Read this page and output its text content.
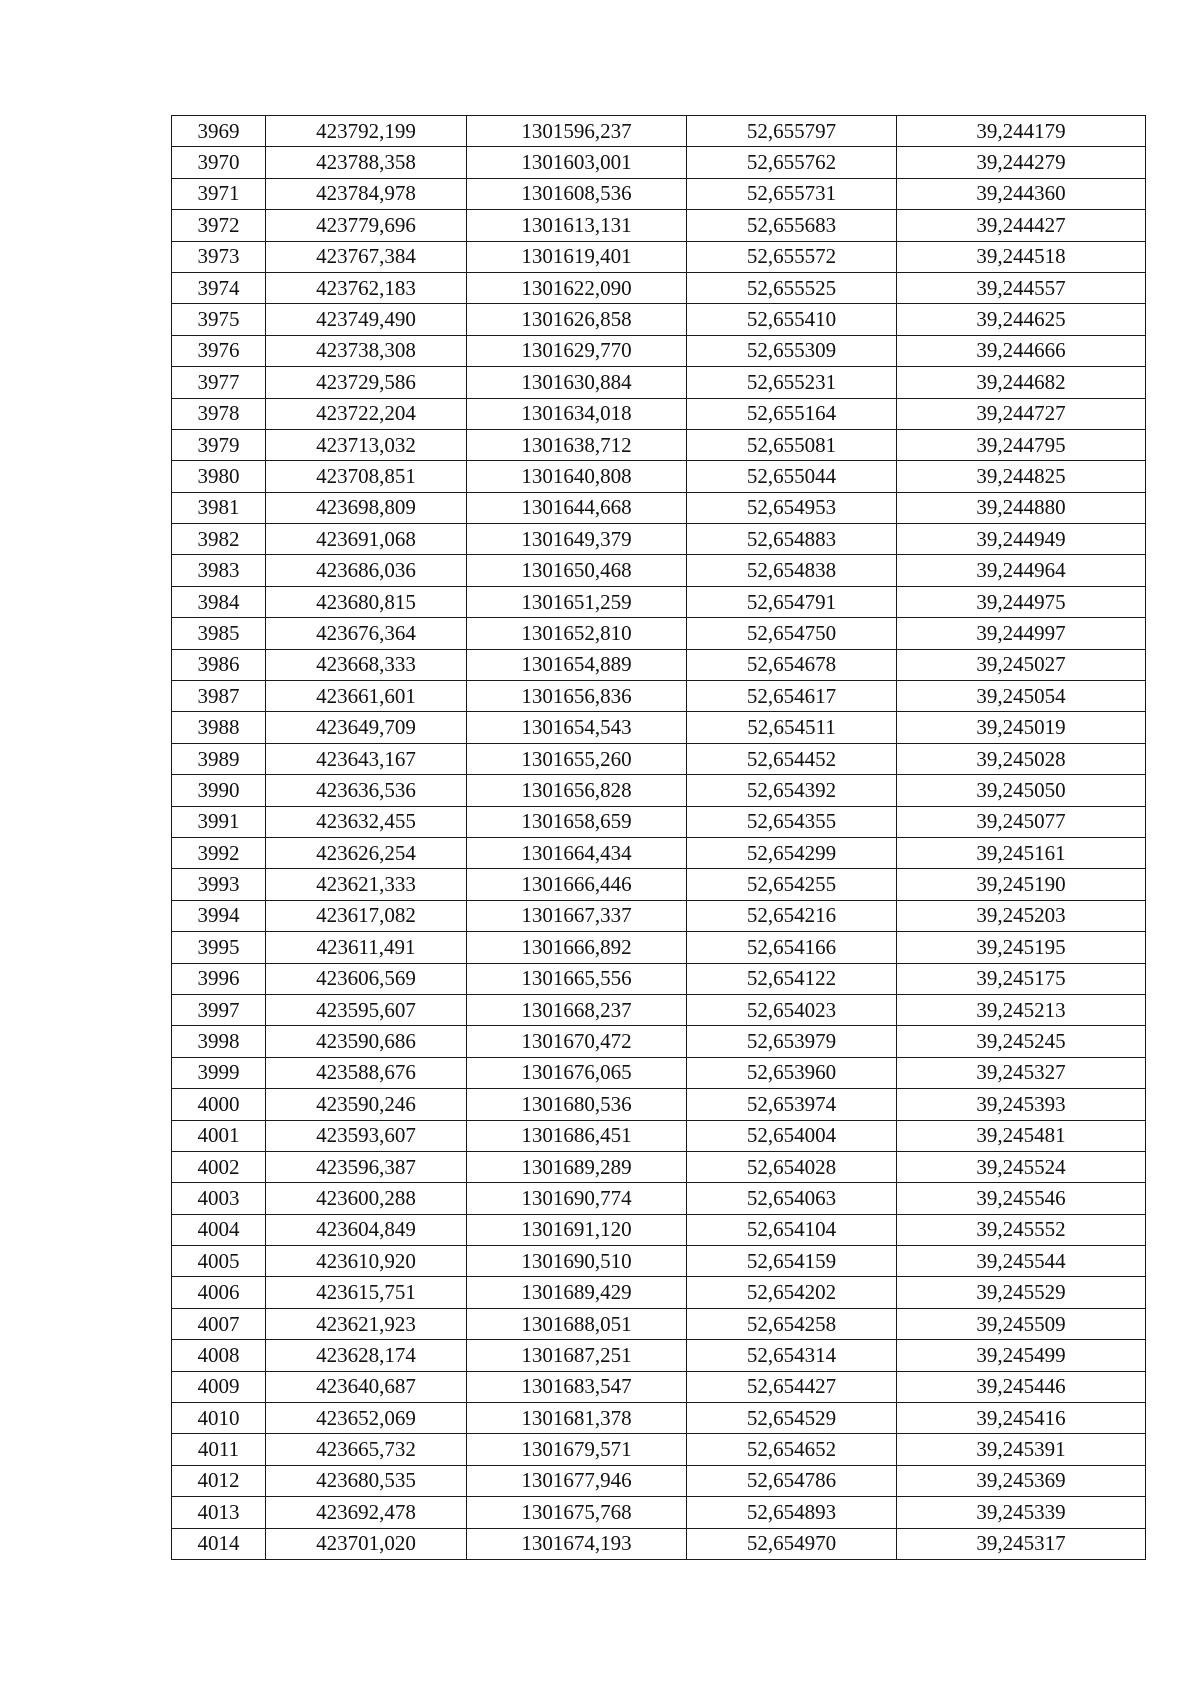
3969	423792,199	1301596,237	52,655797	39,244179
3970	423788,358	1301603,001	52,655762	39,244279
3971	423784,978	1301608,536	52,655731	39,244360
3972	423779,696	1301613,131	52,655683	39,244427
3973	423767,384	1301619,401	52,655572	39,244518
3974	423762,183	1301622,090	52,655525	39,244557
3975	423749,490	1301626,858	52,655410	39,244625
3976	423738,308	1301629,770	52,655309	39,244666
3977	423729,586	1301630,884	52,655231	39,244682
3978	423722,204	1301634,018	52,655164	39,244727
3979	423713,032	1301638,712	52,655081	39,244795
3980	423708,851	1301640,808	52,655044	39,244825
3981	423698,809	1301644,668	52,654953	39,244880
3982	423691,068	1301649,379	52,654883	39,244949
3983	423686,036	1301650,468	52,654838	39,244964
3984	423680,815	1301651,259	52,654791	39,244975
3985	423676,364	1301652,810	52,654750	39,244997
3986	423668,333	1301654,889	52,654678	39,245027
3987	423661,601	1301656,836	52,654617	39,245054
3988	423649,709	1301654,543	52,654511	39,245019
3989	423643,167	1301655,260	52,654452	39,245028
3990	423636,536	1301656,828	52,654392	39,245050
3991	423632,455	1301658,659	52,654355	39,245077
3992	423626,254	1301664,434	52,654299	39,245161
3993	423621,333	1301666,446	52,654255	39,245190
3994	423617,082	1301667,337	52,654216	39,245203
3995	423611,491	1301666,892	52,654166	39,245195
3996	423606,569	1301665,556	52,654122	39,245175
3997	423595,607	1301668,237	52,654023	39,245213
3998	423590,686	1301670,472	52,653979	39,245245
3999	423588,676	1301676,065	52,653960	39,245327
4000	423590,246	1301680,536	52,653974	39,245393
4001	423593,607	1301686,451	52,654004	39,245481
4002	423596,387	1301689,289	52,654028	39,245524
4003	423600,288	1301690,774	52,654063	39,245546
4004	423604,849	1301691,120	52,654104	39,245552
4005	423610,920	1301690,510	52,654159	39,245544
4006	423615,751	1301689,429	52,654202	39,245529
4007	423621,923	1301688,051	52,654258	39,245509
4008	423628,174	1301687,251	52,654314	39,245499
4009	423640,687	1301683,547	52,654427	39,245446
4010	423652,069	1301681,378	52,654529	39,245416
4011	423665,732	1301679,571	52,654652	39,245391
4012	423680,535	1301677,946	52,654786	39,245369
4013	423692,478	1301675,768	52,654893	39,245339
4014	423701,020	1301674,193	52,654970	39,245317
